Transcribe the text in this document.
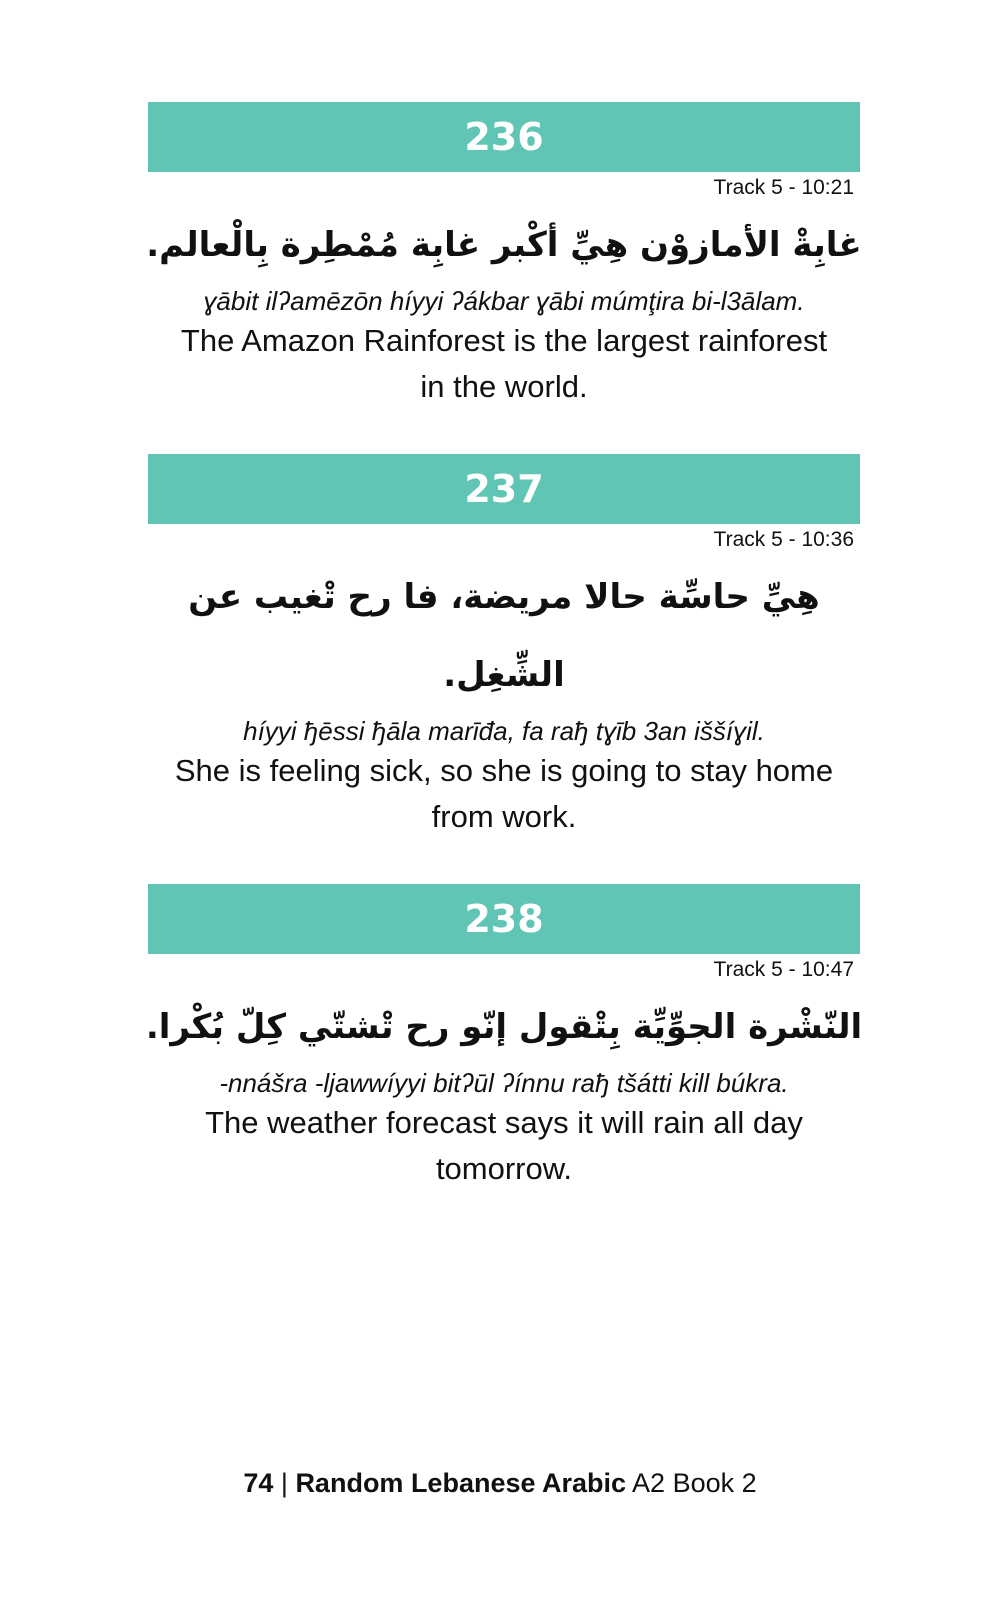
236
Track 5 - 10:21
غابِةْ الأمازوْن هِيِّ أكْبر غابِة مُمْطِرة بِالْعالم.
ɣābit ilʔamēzōn híyyi ʔákbar ɣābi múmţira bi-l3ālam.
The Amazon Rainforest is the largest rainforest in the world.
237
Track 5 - 10:36
هِيِّ حاسِّة حالا مريضة، فا رح تْغيب عن الشِّغِل.
híyyi ђēssi ђāla marīđa, fa raђ tɣīb 3an iššíɣil.
She is feeling sick, so she is going to stay home from work.
238
Track 5 - 10:47
النّشْرة الجوِّيِّة بِتْقول إنّو رح تْشتّي كِلّ بُكْرا.
-nnášra -ljawwíyyi bitʔūl ʔínnu raђ tšátti kill búkra.
The weather forecast says it will rain all day tomorrow.
74 | Random Lebanese Arabic A2 Book 2
